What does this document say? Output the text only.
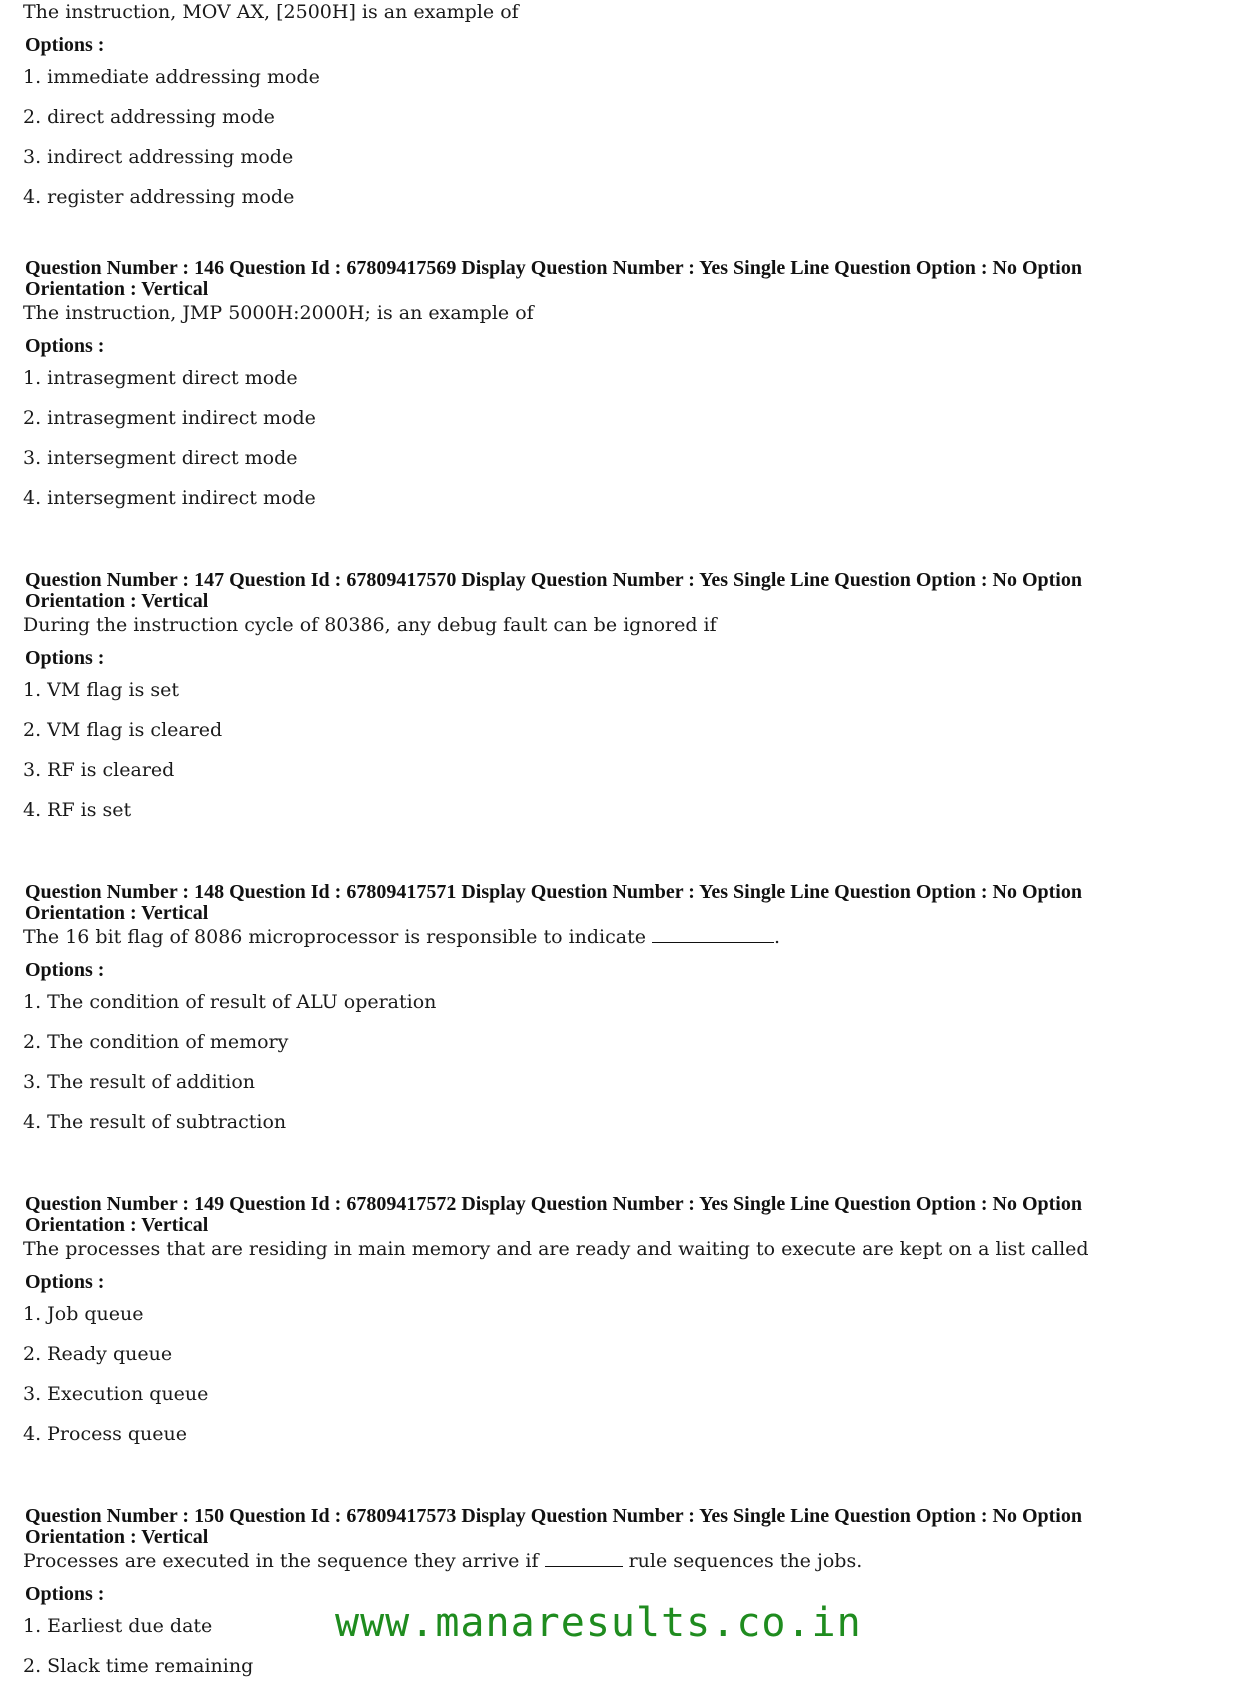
The instruction, MOV AX, [2500H] is an example of
Options :
1. immediate addressing mode
2. direct addressing mode
3. indirect addressing mode
4. register addressing mode

Question Number : 146 Question Id : 67809417569 Display Question Number : Yes Single Line Question Option : No Option

Orientation : Vertical

The instruction, JMP 5000H:2000H; is an example of
Options :
1. intrasegment direct mode
2. intrasegment indirect mode
3. intersegment direct mode
4. intersegment indirect mode

Question Number : 147 Question Id : 67809417570 Display Question Number : Yes Single Line Question Option : No Option

Orientation : Vertical

During the instruction cycle of 80386, any debug fault can be ignored if
Options :
1. VM flag is set
2. VM flag is cleared
3. RF is cleared
4. RF is set

Question Number : 148 Question Id : 67809417571 Display Question Number : Yes Single Line Question Option : No Option

Orientation : Vertical

The 16 bit flag of 8086 microprocessor is responsible to indicate	.
Options :
1. The condition of result of ALU operation
2. The condition of memory
3. The result of addition
4. The result of subtraction

Question Number : 149 Question Id : 67809417572 Display Question Number : Yes Single Line Question Option : No Option

Orientation : Vertical

The processes that are residing in main memory and are ready and waiting to execute are kept on a list called
Options :
1. Job queue
2. Ready queue
3. Execution queue
4. Process queue

Question Number : 150 Question Id : 67809417573 Display Question Number : Yes Single Line Question Option : No Option

Orientation : Vertical

Processes are executed in the sequence they arrive if	rule sequences the jobs.
Options :
1. Earliest due date
2. Slack time remaining
www.manaresults.co.in
